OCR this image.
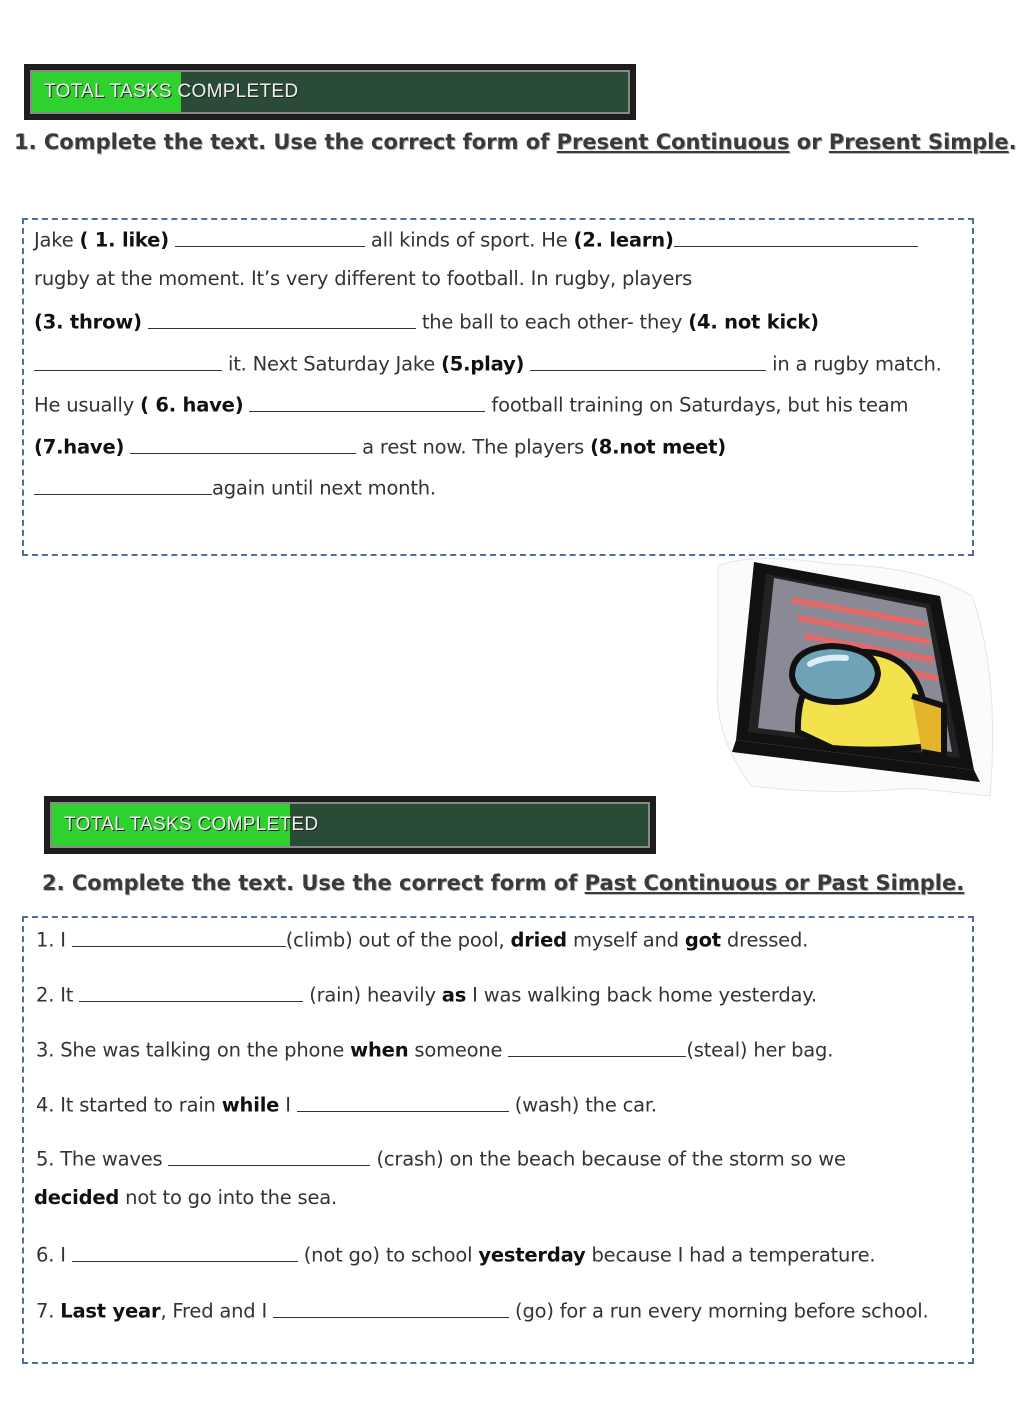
TOTAL TASKS COMPLETED
1. Complete the text. Use the correct form of Present Continuous or Present Simple.
Jake ( 1. like)	all kinds of sport. He (2. learn)
rugby at the moment. It’s very different to football. In rugby, players
(3. throw)	the ball to each other- they (4. not kick)
it. Next Saturday Jake (5.play)	in a rugby match.
He usually ( 6. have)	football training on Saturdays, but his team
(7.have)	a rest now. The players (8.not meet)
again until next month.
TOTAL TASKS COMPLETED
2. Complete the text. Use the correct form of Past Continuous or Past Simple.
1. I	(climb) out of the pool, dried myself and got dressed.
2. It	(rain) heavily as I was walking back home yesterday.
3. She was talking on the phone when someone	(steal) her bag.
4. It started to rain while I	(wash) the car.
5. The waves	(crash) on the beach because of the storm so we
decided not to go into the sea.
6. I	(not go) to school yesterday because I had a temperature.
7. Last year, Fred and I	(go) for a run every morning before school.
